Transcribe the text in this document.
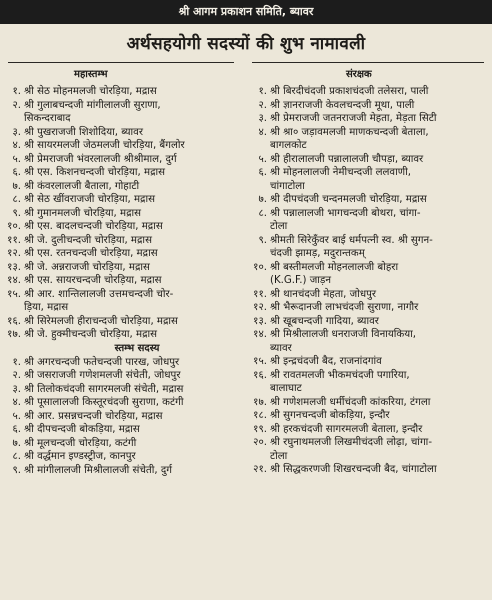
श्री आगम प्रकाशन समिति, ब्यावर
अर्थसहयोगी सदस्यों की शुभ नामावली
महास्तम्भ	संरक्षक
१. श्री सेठ मोहनमलजी चोरड़िया, मद्रास
२. श्री गुलाबचन्दजी मांगीलालजी सुराणा,
सिकन्दराबाद
३. श्री पुखराजजी शिशोदिया, ब्यावर
४. श्री सायरमलजी जेठमलजी चोरड़िया, बैंगलोर
५. श्री प्रेमराजजी भंवरलालजी श्रीश्रीमाल, दुर्ग
६. श्री एस. किशनचन्दजी चोरड़िया, मद्रास
७. श्री कंवरलालजी बैताला, गोहाटी
८. श्री सेठ खींवराजजी चोरड़िया, मद्रास
९. श्री गुमानमलजी चोरड़िया, मद्रास
१०. श्री एस. बादलचन्दजी चोरड़िया, मद्रास
११. श्री जे. दुलीचन्दजी चोरड़िया, मद्रास
१२. श्री एस. रतनचन्दजी चोरड़िया, मद्रास
१३. श्री जे. अन्नराजजी चोरड़िया, मद्रास
१४. श्री एस. सायरचन्दजी चोरड़िया, मद्रास
१५. श्री आर. शान्तिलालजी उत्तमचन्दजी चोर-
ड़िया, मद्रास
१६. श्री सिरेमलजी हीराचन्दजी चोरड़िया, मद्रास
१७. श्री जे. हुक्मीचन्दजी चोरड़िया, मद्रास
स्तम्भ सदस्य
१. श्री अगरचन्दजी फतेचन्दजी पारख, जोधपुर
२. श्री जसराजजी गणेशमलजी संचेती, जोधपुर
३. श्री तिलोकचंदजी सागरमलजी संचेती, मद्रास
४. श्री पूसालालजी किस्तूरचंदजी सुराणा, कटंगी
५. श्री आर. प्रसन्नचन्दजी चोरड़िया, मद्रास
६. श्री दीपचन्दजी बोकड़िया, मद्रास
७. श्री मूलचन्दजी चोरड़िया, कटंगी
८. श्री वर्द्धमान इण्डस्ट्रीज, कानपुर
९. श्री मांगीलालजी मिश्रीलालजी संचेती, दुर्ग
१. श्री बिरदीचंदजी प्रकाशचंदजी तलेसरा, पाली
२. श्री ज्ञानराजजी केवलचन्दजी मूथा, पाली
३. श्री प्रेमराजजी जतनराजजी मेहता, मेड़ता सिटी
४. श्री श्रा० जड़ावमलजी माणकचन्दजी बेताला,
बागलकोट
५. श्री हीरालालजी पन्नालालजी चौपड़ा, ब्यावर
६. श्री मोहनलालजी नेमीचन्दजी ललवाणी,
चांगाटोला
७. श्री दीपचंदजी चन्दनमलजी चोरड़िया, मद्रास
८. श्री पन्नालालजी भागचन्दजी बोथरा, चांगा-
टोला
९. श्रीमती सिरेकुँवर बाई धर्मपत्नी स्व. श्री सुगन-
चंदजी झामड़, मदुरान्तकम्
१०. श्री बस्तीमलजी मोहनलालजी बोहरा
(K.G.F.) जाड़न
११. श्री थानचंदजी मेहता, जोधपुर
१२. श्री भैरूदानजी लाभचंदजी सुराणा, नागौर
१३. श्री खूबचन्दजी गादिया, ब्यावर
१४. श्री मिश्रीलालजी धनराजजी विनायकिया,
ब्यावर
१५. श्री इन्द्रचंदजी बैद, राजनांदगांव
१६. श्री रावतमलजी भीकमचंदजी पगारिया,
बालाघाट
१७. श्री गणेशमलजी धर्मीचंदजी कांकरिया, टंगला
१८. श्री सुगनचन्दजी बोकड़िया, इन्दौर
१९. श्री हरकचंदजी सागरमलजी बेताला, इन्दौर
२०. श्री रघुनाथमलजी लिखमीचंदजी लोढ़ा, चांगा-
टोला
२१. श्री सिद्धकरणजी शिखरचन्दजी बैद, चांगाटोला
